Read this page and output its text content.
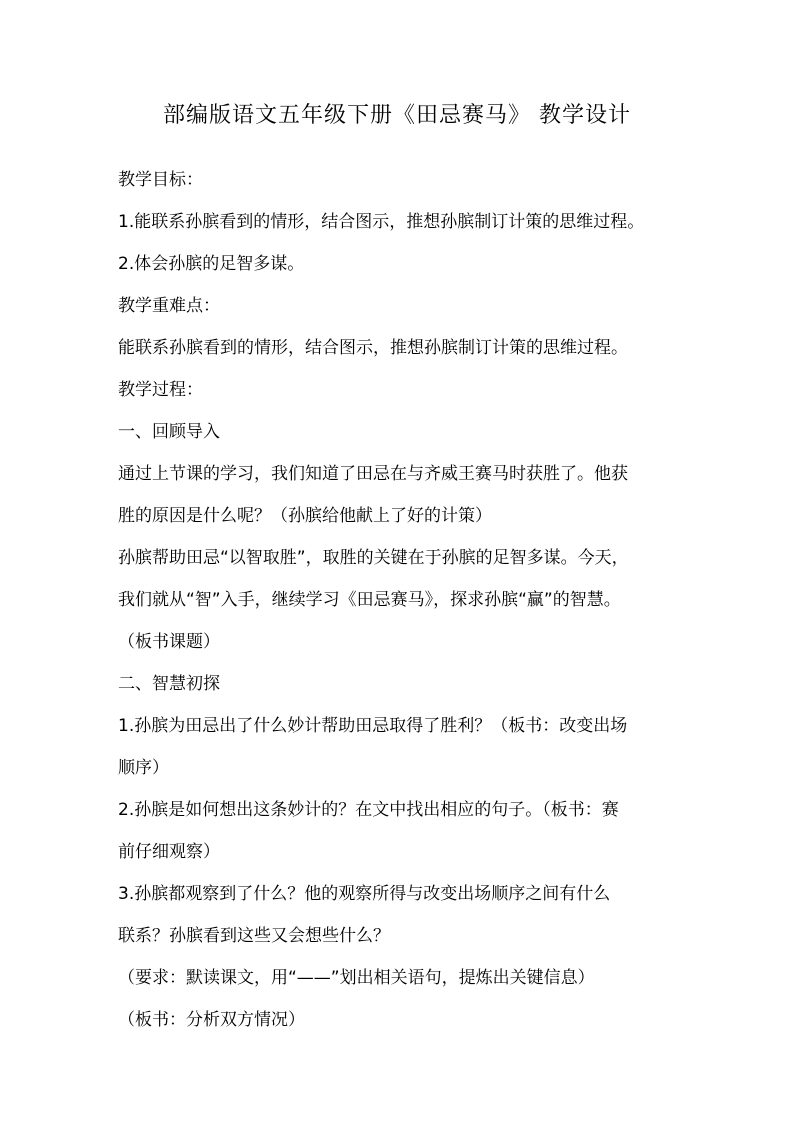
部编版语文五年级下册《田忌赛马》 教学设计
教学目标：
1.能联系孙膑看到的情形，结合图示，推想孙膑制订计策的思维过程。
2.体会孙膑的足智多谋。
教学重难点：
能联系孙膑看到的情形，结合图示，推想孙膑制订计策的思维过程。
教学过程：
一、回顾导入
通过上节课的学习，我们知道了田忌在与齐威王赛马时获胜了。他获
胜的原因是什么呢？（孙膑给他献上了好的计策）
孙膑帮助田忌“以智取胜”，取胜的关键在于孙膑的足智多谋。今天，
我们就从“智”入手，继续学习《田忌赛马》，探求孙膑“赢”的智慧。
（板书课题）
二、智慧初探
1.孙膑为田忌出了什么妙计帮助田忌取得了胜利？（板书：改变出场
顺序）
2.孙膑是如何想出这条妙计的？在文中找出相应的句子。（板书：赛
前仔细观察）
3.孙膑都观察到了什么？他的观察所得与改变出场顺序之间有什么
联系？孙膑看到这些又会想些什么？
（要求：默读课文，用“——”划出相关语句，提炼出关键信息）
（板书：分析双方情况）
